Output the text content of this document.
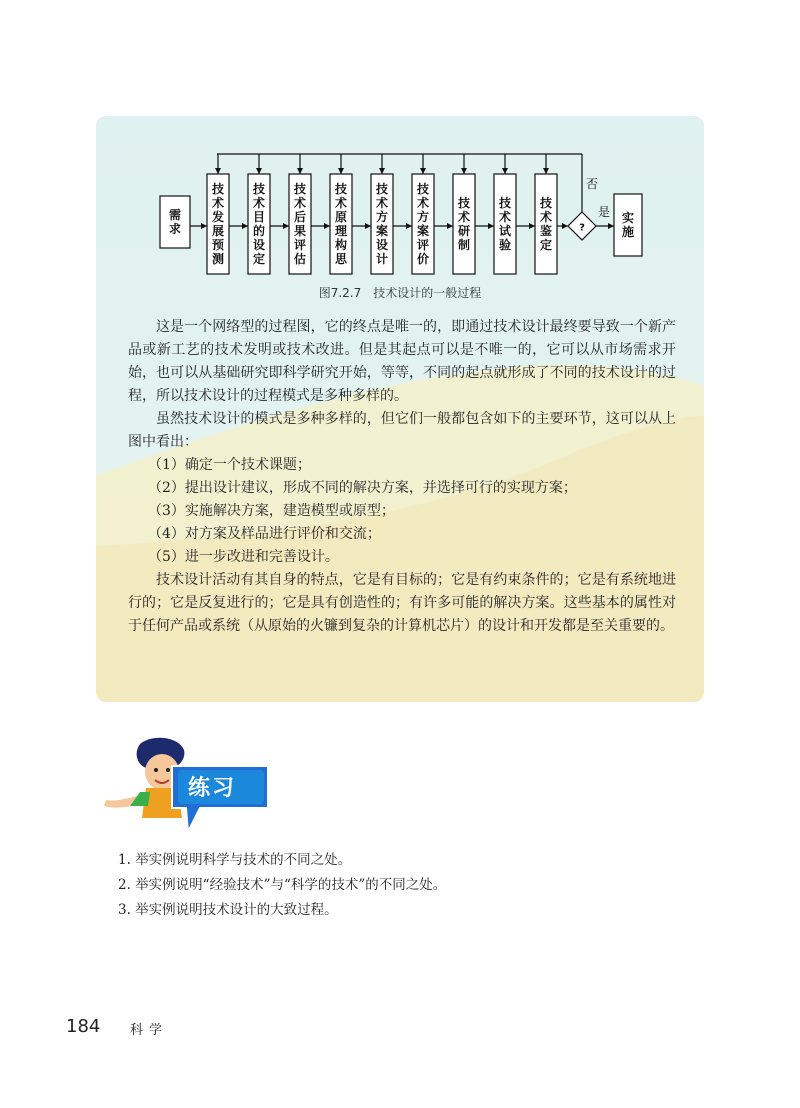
技术发展预测
技术目的设定
技术后果评估
技术原理构思
技术方案设计
技术方案评价
技术研制
技术试验
技术鉴定
需求	?
否
是 实施
图7.2.7　技术设计的一般过程

这是一个网络型的过程图，它的终点是唯一的，即通过技术设计最终要导致一个新产品或新工艺的技术发明或技术改进。但是其起点可以是不唯一的，它可以从市场需求开始，也可以从基础研究即科学研究开始，等等，不同的起点就形成了不同的技术设计的过程，所以技术设计的过程模式是多种多样的。

虽然技术设计的模式是多种多样的，但它们一般都包含如下的主要环节，这可以从上图中看出：

（1）确定一个技术课题；
（2）提出设计建议，形成不同的解决方案，并选择可行的实现方案；
（3）实施解决方案，建造模型或原型；
（4）对方案及样品进行评价和交流；
（5）进一步改进和完善设计。

技术设计活动有其自身的特点，它是有目标的；它是有约束条件的；它是有系统地进行的；它是反复进行的；它是具有创造性的；有许多可能的解决方案。这些基本的属性对于任何产品或系统（从原始的火镰到复杂的计算机芯片）的设计和开发都是至关重要的。

练习
1. 举实例说明科学与技术的不同之处。
2. 举实例说明“经验技术”与“科学的技术”的不同之处。
3. 举实例说明技术设计的大致过程。
184 科学
